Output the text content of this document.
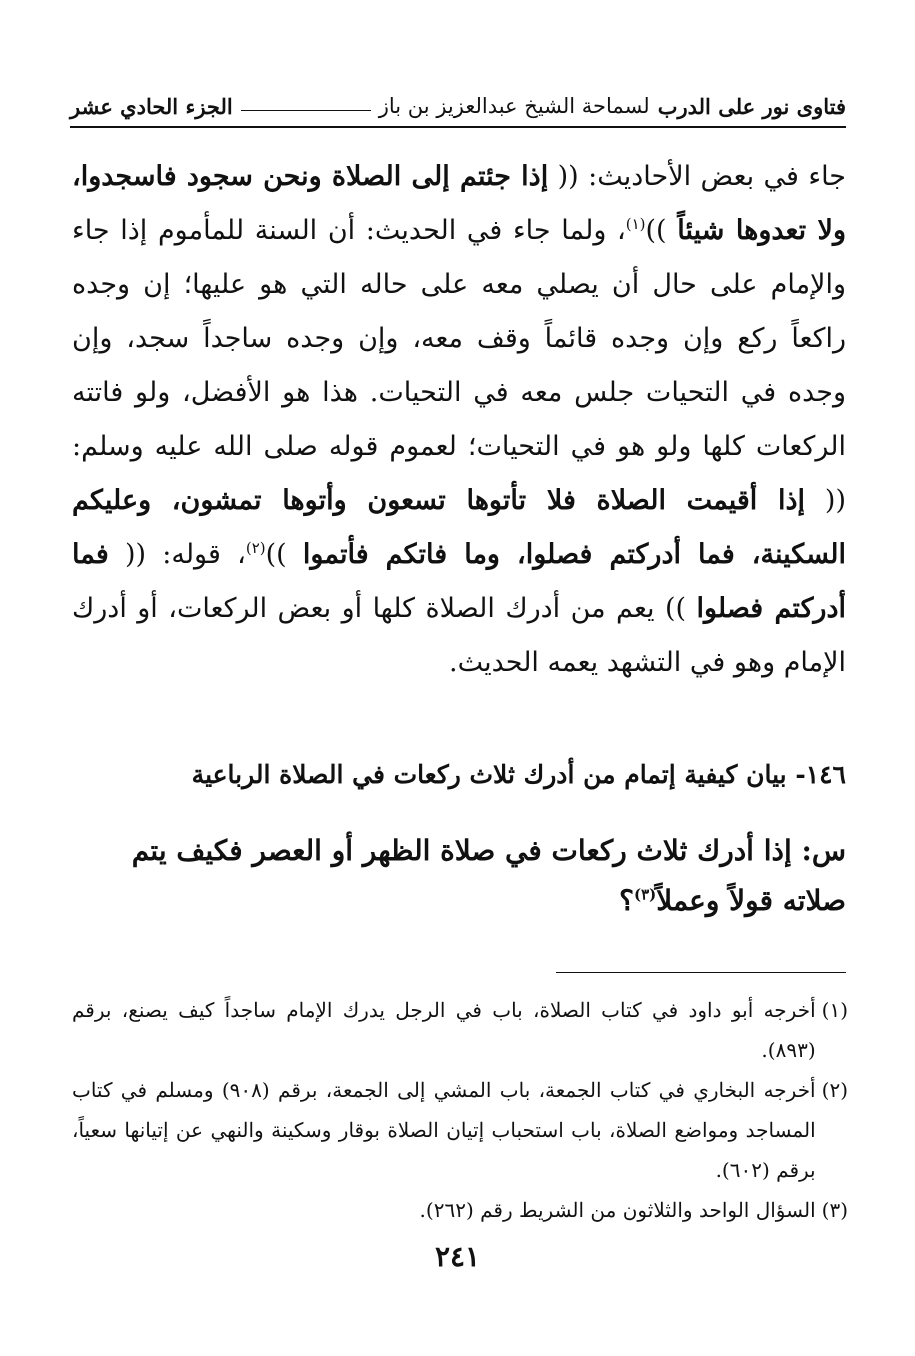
فتاوى نور على الدرب
لسماحة الشيخ عبدالعزيز بن باز
الجزء الحادي عشر

جاء في بعض الأحاديث: (( إذا جئتم إلى الصلاة ونحن سجود فاسجدوا، ولا تعدوها شيئاً ))$^{(١)}$، ولما جاء في الحديث: أن السنة للمأموم إذا جاء والإمام على حال أن يصلي معه على حاله التي هو عليها؛ إن وجده راكعاً ركع وإن وجده قائماً وقف معه، وإن وجده ساجداً سجد، وإن وجده في التحيات جلس معه في التحيات. هذا هو الأفضل، ولو فاتته الركعات كلها ولو هو في التحيات؛ لعموم قوله صلى الله عليه وسلم: (( إذا أقيمت الصلاة فلا تأتوها تسعون وأتوها تمشون، وعليكم السكينة، فما أدركتم فصلوا، وما فاتكم فأتموا ))$^{(٢)}$، قوله: (( فما أدركتم فصلوا )) يعم من أدرك الصلاة كلها أو بعض الركعات، أو أدرك الإمام وهو في التشهد يعمه الحديث.

١٤٦- بيان كيفية إتمام من أدرك ثلاث ركعات في الصلاة الرباعية
س: إذا أدرك ثلاث ركعات في صلاة الظهر أو العصر فكيف يتم صلاته قولاً وعملاً$^{(٣)}$؟
(١)
أخرجه أبو داود في كتاب الصلاة، باب في الرجل يدرك الإمام ساجداً كيف يصنع، برقم (٨٩٣).
(٢)
أخرجه البخاري في كتاب الجمعة، باب المشي إلى الجمعة، برقم (٩٠٨) ومسلم في كتاب المساجد ومواضع الصلاة، باب استحباب إتيان الصلاة بوقار وسكينة والنهي عن إتيانها سعياً، برقم (٦٠٢).
(٣)
السؤال الواحد والثلاثون من الشريط رقم (٢٦٢).
٢٤١
